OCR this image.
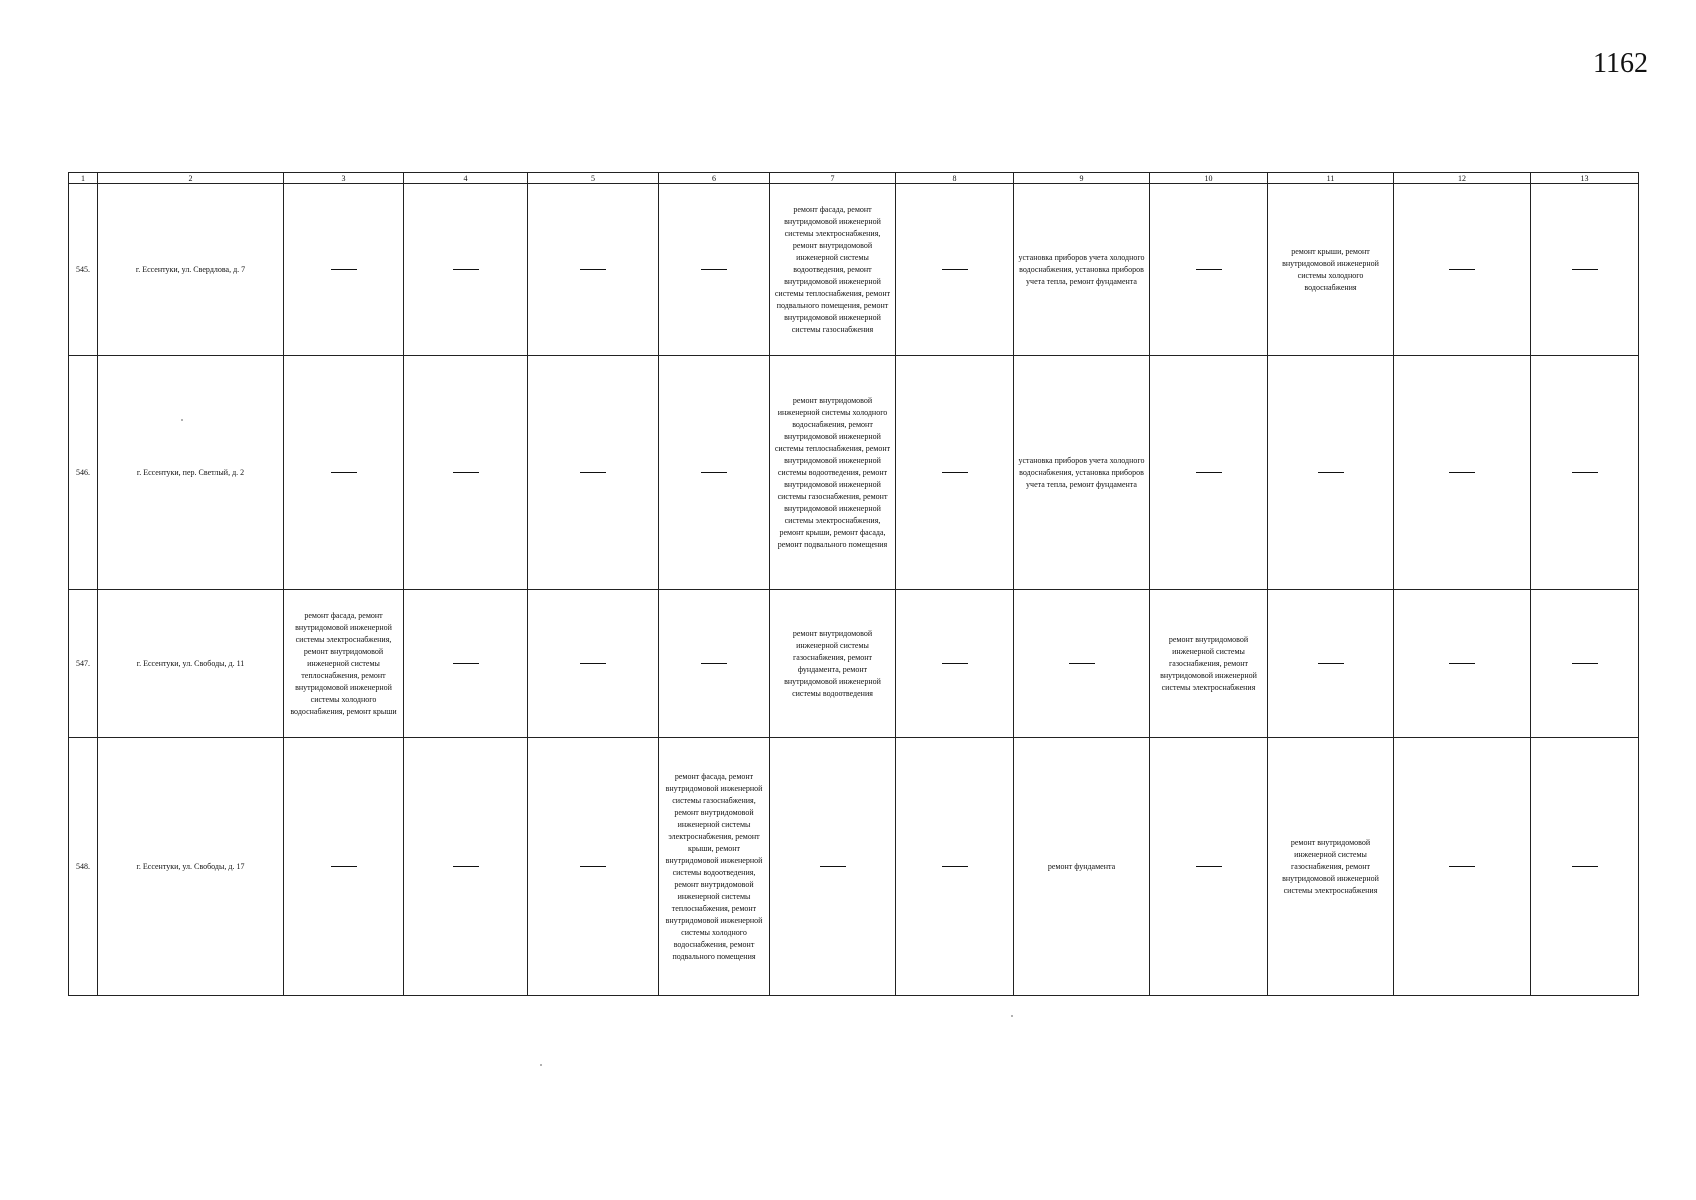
1162
1	2	3	4	5	6	7	8	9	10	11	12	13
545.	г. Ессентуки, ул. Свердлова, д. 7					ремонт фасада, ремонт внутридомовой инженерной системы электроснабжения, ремонт внутридомовой инженерной системы водоотведения, ремонт внутридомовой инженерной системы теплоснабжения, ремонт подвального помещения, ремонт внутридомовой инженерной системы газоснабжения		установка приборов учета холодного водоснабжения, установка приборов учета тепла, ремонт фундамента		ремонт крыши, ремонт внутридомовой инженерной системы холодного водоснабжения		
546.	г. Ессентуки, пер. Светлый, д. 2					ремонт внутридомовой инженерной системы холодного водоснабжения, ремонт внутридомовой инженерной системы теплоснабжения, ремонт внутридомовой инженерной системы водоотведения, ремонт внутридомовой инженерной системы газоснабжения, ремонт внутридомовой инженерной системы электроснабжения, ремонт крыши, ремонт фасада, ремонт подвального помещения		установка приборов учета холодного водоснабжения, установка приборов учета тепла, ремонт фундамента				
547.	г. Ессентуки, ул. Свободы, д. 11	ремонт фасада, ремонт внутридомовой инженерной системы электроснабжения, ремонт внутридомовой инженерной системы теплоснабжения, ремонт внутридомовой инженерной системы холодного водоснабжения, ремонт крыши				ремонт внутридомовой инженерной системы газоснабжения, ремонт фундамента, ремонт внутридомовой инженерной системы водоотведения			ремонт внутридомовой инженерной системы газоснабжения, ремонт внутридомовой инженерной системы электроснабжения			
548.	г. Ессентуки, ул. Свободы, д. 17				ремонт фасада, ремонт внутридомовой инженерной системы газоснабжения, ремонт внутридомовой инженерной системы электроснабжения, ремонт крыши, ремонт внутридомовой инженерной системы водоотведения, ремонт внутридомовой инженерной системы теплоснабжения, ремонт внутридомовой инженерной системы холодного водоснабжения, ремонт подвального помещения			ремонт фундамента		ремонт внутридомовой инженерной системы газоснабжения, ремонт внутридомовой инженерной системы электроснабжения		
